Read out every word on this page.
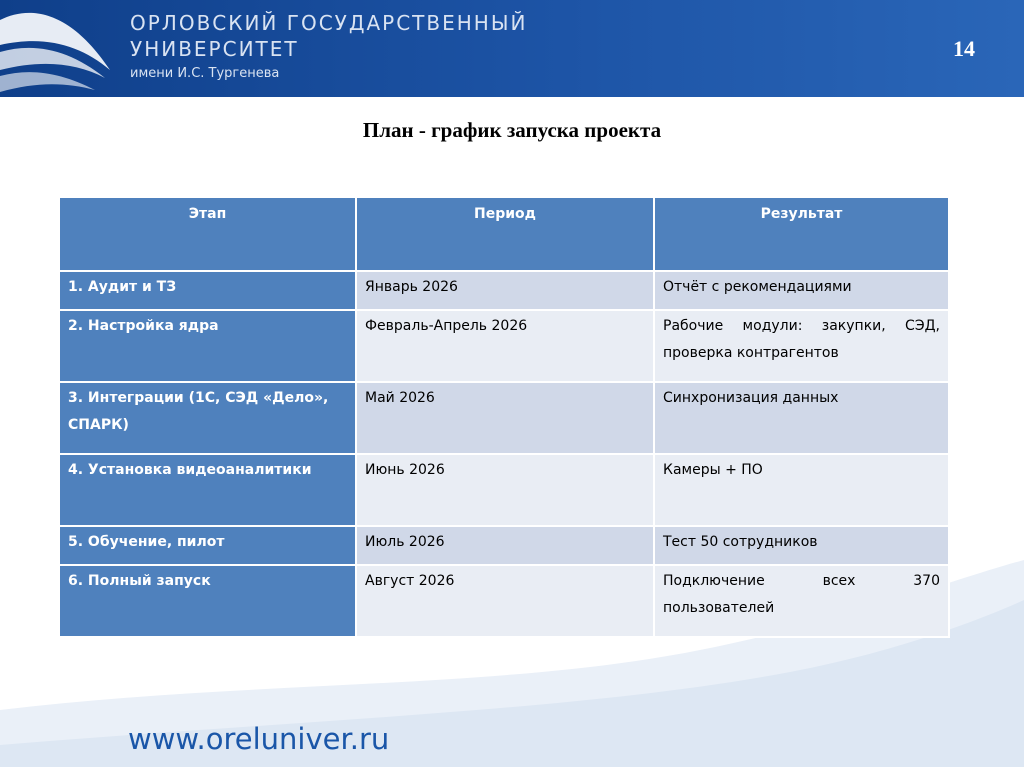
ОРЛОВСКИЙ ГОСУДАРСТВЕННЫЙ
УНИВЕРСИТЕТ
имени И.С. Тургенева
14
План - график запуска проекта
Этап	Период	Результат
1. Аудит и ТЗ	Январь 2026	Отчёт с рекомендациями
2. Настройка ядра	Февраль-Апрель 2026	Рабочие модули: закупки, СЭД, проверка контрагентов
3. Интеграции (1С, СЭД «Дело», СПАРК)	Май 2026	Синхронизация данных
4. Установка видеоаналитики	Июнь 2026	Камеры + ПО
5. Обучение, пилот	Июль 2026	Тест 50 сотрудников
6. Полный запуск	Август 2026	Подключение всех 370 пользователей
www.oreluniver.ru
